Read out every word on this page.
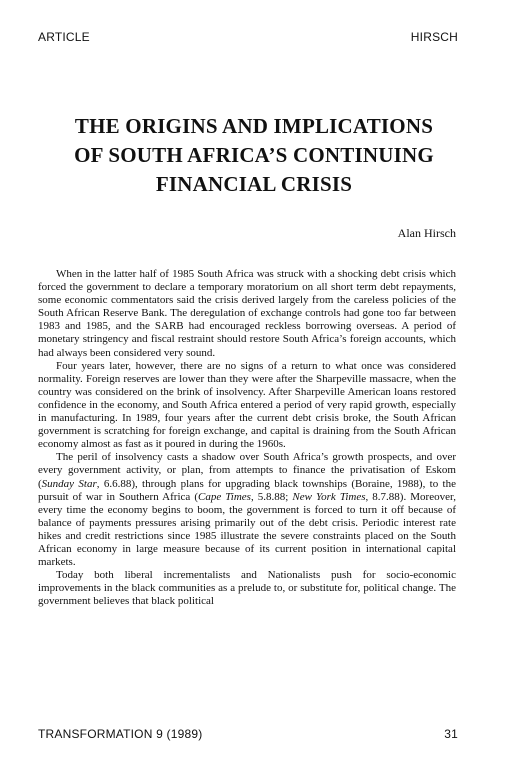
ARTICLE	HIRSCH
THE ORIGINS AND IMPLICATIONS
OF SOUTH AFRICA’S CONTINUING
FINANCIAL CRISIS
Alan Hirsch

When in the latter half of 1985 South Africa was struck with a shocking debt crisis which forced the government to declare a temporary moratorium on all short term debt repayments, some economic commentators said the crisis derived largely from the careless policies of the South African Reserve Bank. The deregulation of exchange controls had gone too far between 1983 and 1985, and the SARB had encouraged reckless borrowing overseas. A period of monetary stringency and fiscal restraint should restore South Africa’s foreign accounts, which had always been considered very sound.

Four years later, however, there are no signs of a return to what once was considered normality. Foreign reserves are lower than they were after the Sharpeville massacre, when the country was considered on the brink of insolvency. After Sharpeville American loans restored confidence in the economy, and South Africa entered a period of very rapid growth, especially in manufacturing. In 1989, four years after the current debt crisis broke, the South African government is scratching for foreign exchange, and capital is draining from the South African economy almost as fast as it poured in during the 1960s.

The peril of insolvency casts a shadow over South Africa’s growth prospects, and over every government activity, or plan, from attempts to finance the privatisation of Eskom (Sunday Star, 6.6.88), through plans for upgrading black townships (Boraine, 1988), to the pursuit of war in Southern Africa (Cape Times, 5.8.88; New York Times, 8.7.88). Moreover, every time the economy begins to boom, the government is forced to turn it off because of balance of payments pressures arising primarily out of the debt crisis. Periodic interest rate hikes and credit restrictions since 1985 illustrate the severe constraints placed on the South African economy in large measure because of its current position in international capital markets.

Today both liberal incrementalists and Nationalists push for socio-economic improvements in the black communities as a prelude to, or substitute for, political change. The government believes that black political

TRANSFORMATION 9 (1989)	31
